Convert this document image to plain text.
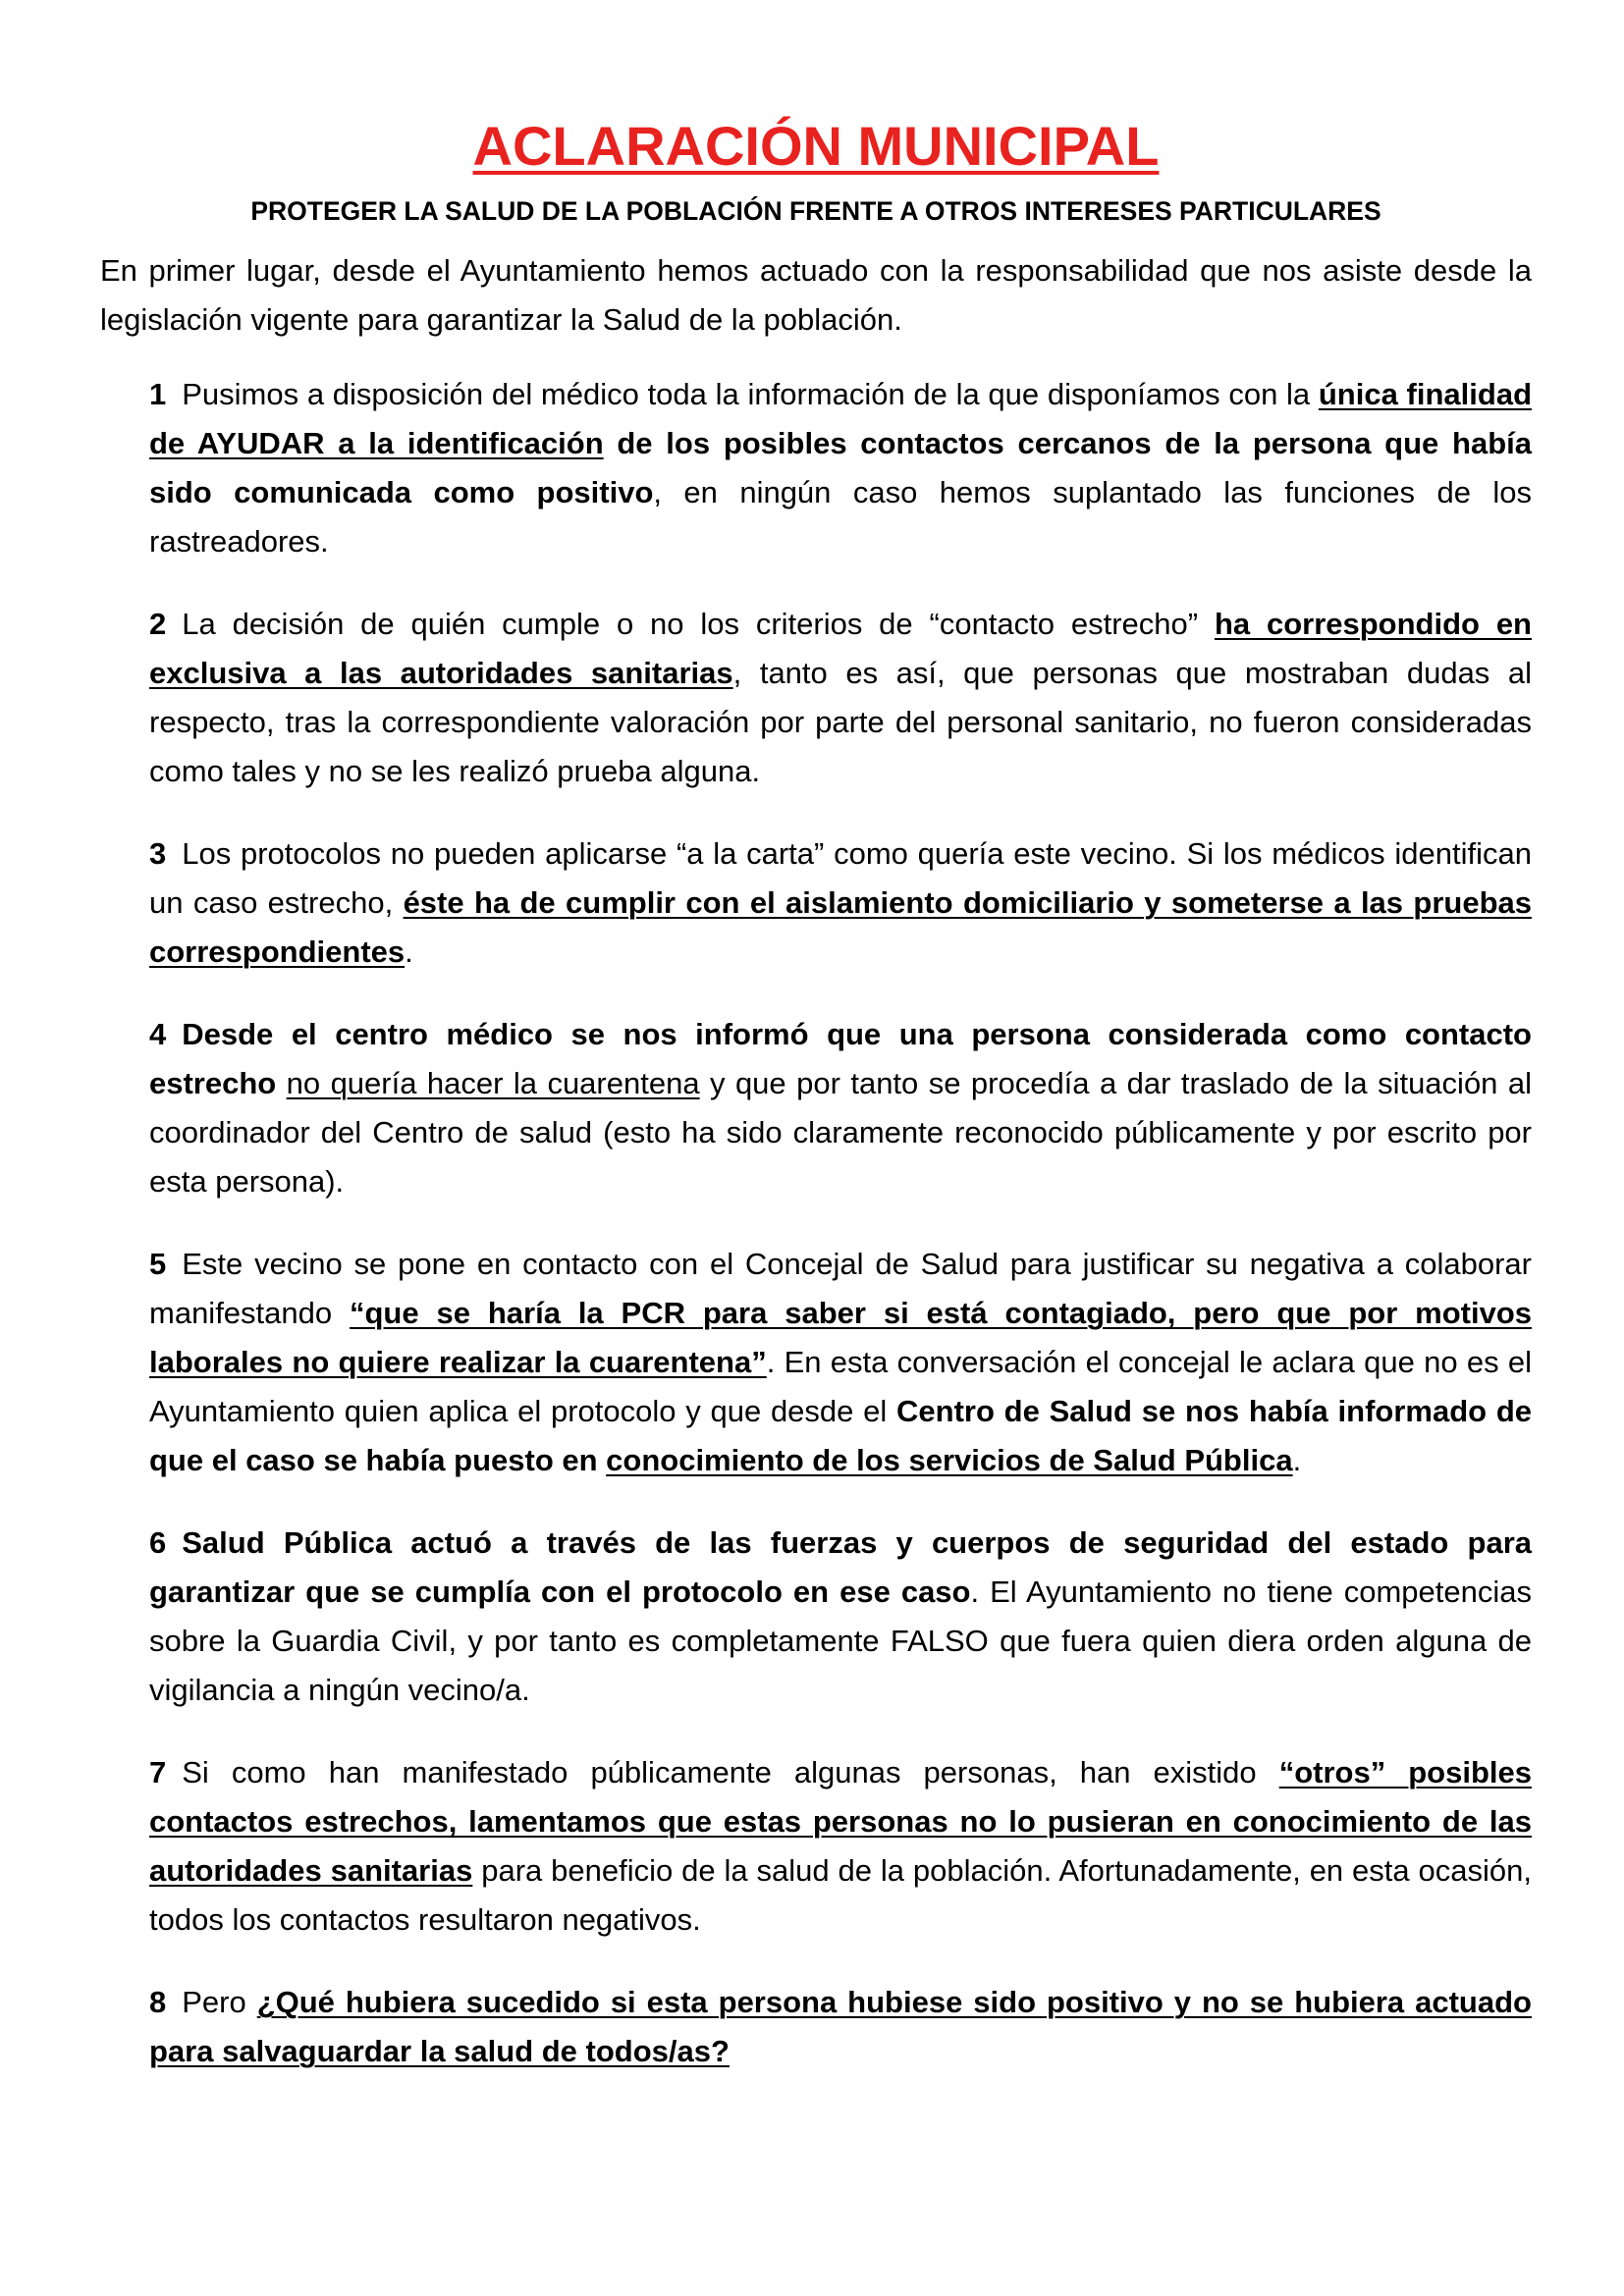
ACLARACIÓN MUNICIPAL
PROTEGER LA SALUD DE LA POBLACIÓN FRENTE A OTROS INTERESES PARTICULARES

En primer lugar, desde el Ayuntamiento hemos actuado con la responsabilidad que nos asiste desde la legislación vigente para garantizar la Salud de la población.

1 Pusimos a disposición del médico toda la información de la que disponíamos con la única finalidad de AYUDAR a la identificación de los posibles contactos cercanos de la persona que había sido comunicada como positivo, en ningún caso hemos suplantado las funciones de los rastreadores.

2 La decisión de quién cumple o no los criterios de “contacto estrecho” ha correspondido en exclusiva a las autoridades sanitarias, tanto es así, que personas que mostraban dudas al respecto, tras la correspondiente valoración por parte del personal sanitario, no fueron consideradas como tales y no se les realizó prueba alguna.

3 Los protocolos no pueden aplicarse “a la carta” como quería este vecino. Si los médicos identifican un caso estrecho, éste ha de cumplir con el aislamiento domiciliario y someterse a las pruebas correspondientes.

4 Desde el centro médico se nos informó que una persona considerada como contacto estrecho no quería hacer la cuarentena y que por tanto se procedía a dar traslado de la situación al coordinador del Centro de salud (esto ha sido claramente reconocido públicamente y por escrito por esta persona).

5 Este vecino se pone en contacto con el Concejal de Salud para justificar su negativa a colaborar manifestando “que se haría la PCR para saber si está contagiado, pero que por motivos laborales no quiere realizar la cuarentena”. En esta conversación el concejal le aclara que no es el Ayuntamiento quien aplica el protocolo y que desde el Centro de Salud se nos había informado de que el caso se había puesto en conocimiento de los servicios de Salud Pública.

6 Salud Pública actuó a través de las fuerzas y cuerpos de seguridad del estado para garantizar que se cumplía con el protocolo en ese caso. El Ayuntamiento no tiene competencias sobre la Guardia Civil, y por tanto es completamente FALSO que fuera quien diera orden alguna de vigilancia a ningún vecino/a.

7 Si como han manifestado públicamente algunas personas, han existido “otros” posibles contactos estrechos, lamentamos que estas personas no lo pusieran en conocimiento de las autoridades sanitarias para beneficio de la salud de la población. Afortunadamente, en esta ocasión, todos los contactos resultaron negativos.

8 Pero ¿Qué hubiera sucedido si esta persona hubiese sido positivo y no se hubiera actuado para salvaguardar la salud de todos/as?
